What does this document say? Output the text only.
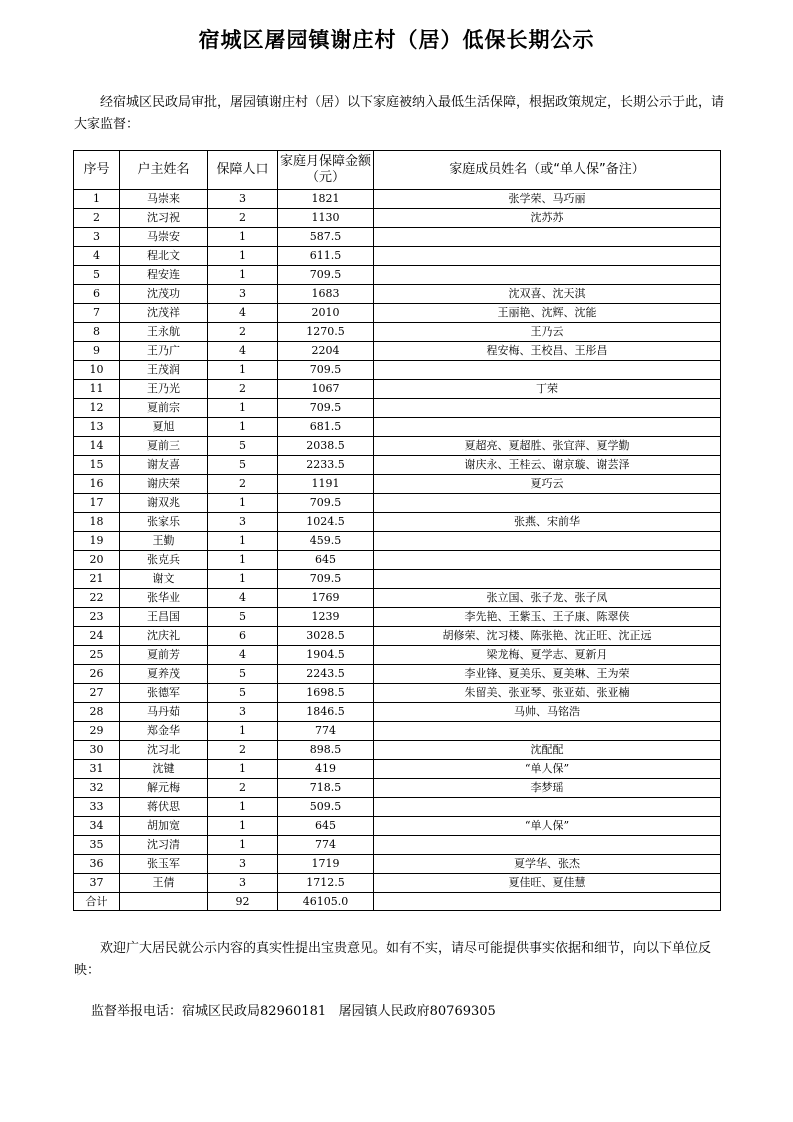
宿城区屠园镇谢庄村（居）低保长期公示
经宿城区民政局审批，屠园镇谢庄村（居）以下家庭被纳入最低生活保障，根据政策规定，长期公示于此，请大家监督：
序号	户主姓名	保障人口	家庭月保障金额（元）	家庭成员姓名（或“单人保”备注）
1	马崇来	3	1821	张学荣、马巧丽
2	沈习祝	2	1130	沈苏苏
3	马崇安	1	587.5	
4	程北文	1	611.5	
5	程安连	1	709.5	
6	沈茂功	3	1683	沈双喜、沈天淇
7	沈茂祥	4	2010	王丽艳、沈辉、沈能
8	王永航	2	1270.5	王乃云
9	王乃广	4	2204	程安梅、王校昌、王彤昌
10	王茂润	1	709.5	
11	王乃光	2	1067	丁荣
12	夏前宗	1	709.5	
13	夏旭	1	681.5	
14	夏前三	5	2038.5	夏超亮、夏超胜、张宜萍、夏学勤
15	谢友喜	5	2233.5	谢庆永、王桂云、谢京璇、谢芸泽
16	谢庆荣	2	1191	夏巧云
17	谢双兆	1	709.5	
18	张家乐	3	1024.5	张燕、宋前华
19	王勤	1	459.5	
20	张克兵	1	645	
21	谢文	1	709.5	
22	张华业	4	1769	张立国、张子龙、张子凤
23	王昌国	5	1239	李先艳、王紫玉、王子康、陈翠侠
24	沈庆礼	6	3028.5	胡修荣、沈习楼、陈张艳、沈正旺、沈正远
25	夏前芳	4	1904.5	梁龙梅、夏学志、夏新月
26	夏养茂	5	2243.5	李业锋、夏美乐、夏美琳、王为荣
27	张德军	5	1698.5	朱留美、张亚琴、张亚茹、张亚楠
28	马丹茹	3	1846.5	马帅、马铭浩
29	郑金华	1	774	
30	沈习北	2	898.5	沈配配
31	沈键	1	419	“单人保”
32	解元梅	2	718.5	李梦瑶
33	蒋伏思	1	509.5	
34	胡加宽	1	645	“单人保”
35	沈习清	1	774	
36	张玉军	3	1719	夏学华、张杰
37	王倩	3	1712.5	夏佳旺、夏佳慧
合计		92	46105.0	
欢迎广大居民就公示内容的真实性提出宝贵意见。如有不实，请尽可能提供事实依据和细节，向以下单位反映：
监督举报电话：宿城区民政局82960181 屠园镇人民政府80769305
